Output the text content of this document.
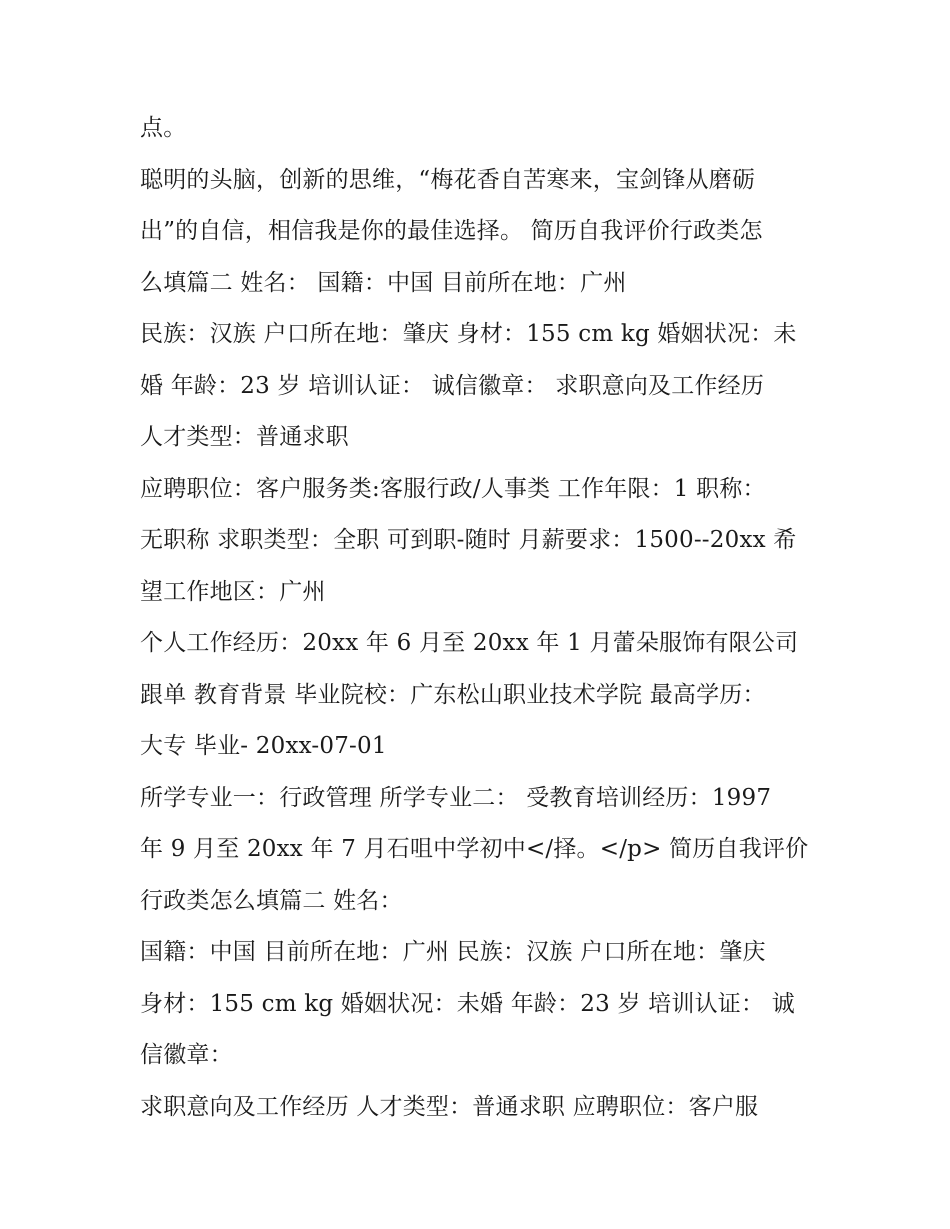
点。
聪明的头脑，创新的思维，“梅花香自苦寒来，宝剑锋从磨砺
出”的自信，相信我是你的最佳选择。 简历自我评价行政类怎
么填篇二 姓名： 国籍：中国 目前所在地：广州
民族：汉族 户口所在地：肇庆 身材：155 cm kg 婚姻状况：未
婚 年龄：23 岁 培训认证： 诚信徽章： 求职意向及工作经历
人才类型：普通求职
应聘职位：客户服务类:客服行政/人事类 工作年限：1 职称：
无职称 求职类型：全职 可到职-随时 月薪要求：1500--20xx 希
望工作地区：广州
个人工作经历：20xx 年 6 月至 20xx 年 1 月蕾朵服饰有限公司
跟单 教育背景 毕业院校：广东松山职业技术学院 最高学历：
大专 毕业- 20xx-07-01
所学专业一：行政管理 所学专业二： 受教育培训经历：1997
年 9 月至 20xx 年 7 月石咀中学初中</择。</p> 简历自我评价
行政类怎么填篇二 姓名：
国籍：中国 目前所在地：广州 民族：汉族 户口所在地：肇庆
身材：155 cm kg 婚姻状况：未婚 年龄：23 岁 培训认证： 诚
信徽章：
求职意向及工作经历 人才类型：普通求职 应聘职位：客户服
